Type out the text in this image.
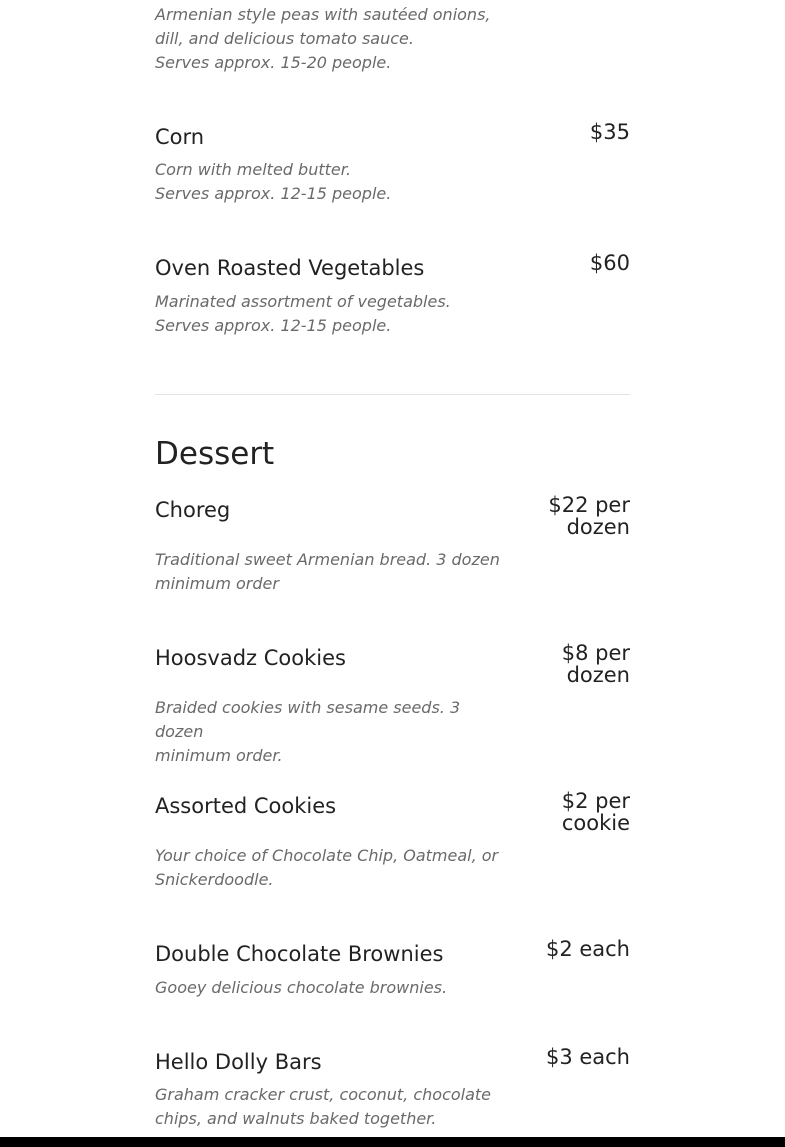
Armenian style peas with sautéed onions,
dill, and delicious tomato sauce.
Serves approx. 15-20 people.
Corn	$35
Corn with melted butter.
Serves approx. 12-15 people.
Oven Roasted Vegetables	$60
Marinated assortment of vegetables.
Serves approx. 12-15 people.
Dessert
Choreg	$22 per
dozen
Traditional sweet Armenian bread. 3 dozen
minimum order
Hoosvadz Cookies	$8 per
dozen
Braided cookies with sesame seeds. 3 dozen
minimum order.
Assorted Cookies	$2 per
cookie
Your choice of Chocolate Chip, Oatmeal, or
Snickerdoodle.
Double Chocolate Brownies	$2 each
Gooey delicious chocolate brownies.
Hello Dolly Bars	$3 each
Graham cracker crust, coconut, chocolate
chips, and walnuts baked together.
